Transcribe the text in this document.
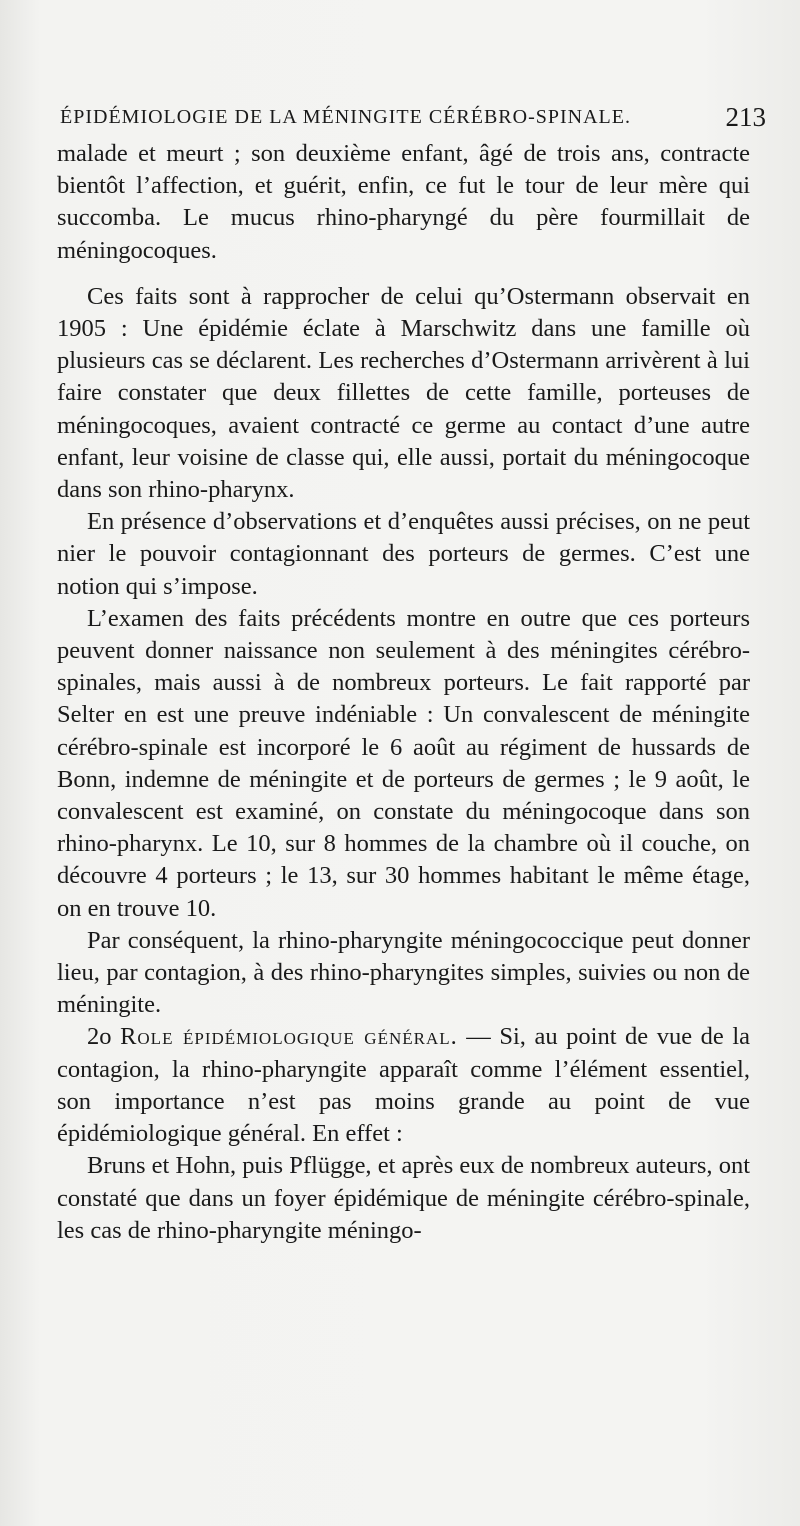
ÉPIDÉMIOLOGIE DE LA MÉNINGITE CÉRÉBRO-SPINALE.	213

malade et meurt ; son deuxième enfant, âgé de trois ans, contracte bientôt l’affection, et guérit, enfin, ce fut le tour de leur mère qui succomba. Le mucus rhino-pharyngé du père fourmillait de méningocoques.

Ces faits sont à rapprocher de celui qu’Ostermann observait en 1905 : Une épidémie éclate à Marschwitz dans une famille où plusieurs cas se déclarent. Les recherches d’Ostermann arrivèrent à lui faire constater que deux fillettes de cette famille, porteuses de méningocoques, avaient contracté ce germe au contact d’une autre enfant, leur voisine de classe qui, elle aussi, portait du méningocoque dans son rhino-pharynx.

En présence d’observations et d’enquêtes aussi précises, on ne peut nier le pouvoir contagionnant des porteurs de germes. C’est une notion qui s’impose.

L’examen des faits précédents montre en outre que ces porteurs peuvent donner naissance non seulement à des méningites cérébro-spinales, mais aussi à de nombreux porteurs. Le fait rapporté par Selter en est une preuve indéniable : Un convalescent de méningite cérébro-spinale est incorporé le 6 août au régiment de hussards de Bonn, indemne de méningite et de porteurs de germes ; le 9 août, le convalescent est examiné, on constate du méningocoque dans son rhino-pharynx. Le 10, sur 8 hommes de la chambre où il couche, on découvre 4 porteurs ; le 13, sur 30 hommes habitant le même étage, on en trouve 10.

Par conséquent, la rhino-pharyngite méningococcique peut donner lieu, par contagion, à des rhino-pharyngites simples, suivies ou non de méningite.

2o Role épidémiologique général. — Si, au point de vue de la contagion, la rhino-pharyngite apparaît comme l’élément essentiel, son importance n’est pas moins grande au point de vue épidémiologique général. En effet :

Bruns et Hohn, puis Pflügge, et après eux de nombreux auteurs, ont constaté que dans un foyer épidémique de méningite cérébro-spinale, les cas de rhino-pharyngite méningo-
